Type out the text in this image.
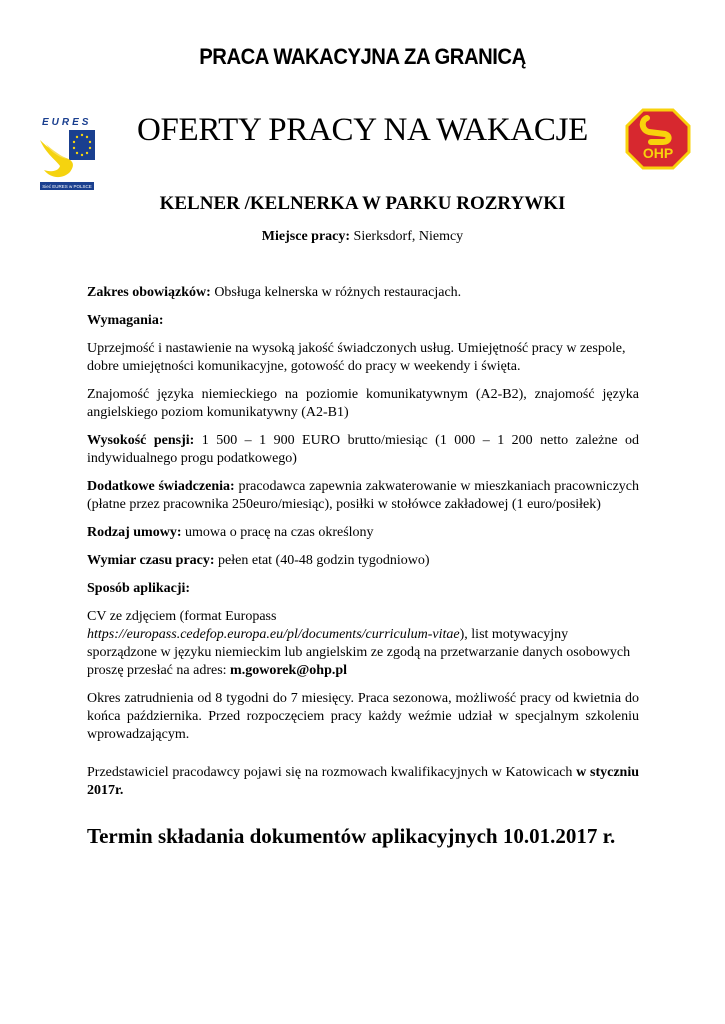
PRACA WAKACYJNA ZA GRANICĄ
EURES
Sieć EURES w POLSCE
OFERTY PRACY NA WAKACJE
OHP
KELNER /KELNERKA W PARKU ROZRYWKI
Miejsce pracy: Sierksdorf, Niemcy

Zakres obowiązków: Obsługa kelnerska w różnych restauracjach.

Wymagania:

Uprzejmość i nastawienie na wysoką jakość świadczonych usług. Umiejętność pracy w zespole, dobre umiejętności komunikacyjne, gotowość do pracy w weekendy i święta.

Znajomość języka niemieckiego na poziomie komunikatywnym (A2-B2), znajomość języka angielskiego poziom komunikatywny (A2-B1)

Wysokość pensji: 1 500 – 1 900 EURO brutto/miesiąc (1 000 – 1 200 netto zależne od indywidualnego progu podatkowego)

Dodatkowe świadczenia: pracodawca zapewnia zakwaterowanie w mieszkaniach pracowniczych (płatne przez pracownika 250euro/miesiąc), posiłki w stołówce zakładowej (1 euro/posiłek)

Rodzaj umowy: umowa o pracę na czas określony

Wymiar czasu pracy: pełen etat (40-48 godzin tygodniowo)

Sposób aplikacji:

CV ze zdjęciem (format Europass
https://europass.cedefop.europa.eu/pl/documents/curriculum-vitae), list motywacyjny sporządzone w języku niemieckim lub angielskim ze zgodą na przetwarzanie danych osobowych proszę przesłać na adres: m.goworek@ohp.pl

Okres zatrudnienia od 8 tygodni do 7 miesięcy. Praca sezonowa, możliwość pracy od kwietnia do końca października. Przed rozpoczęciem pracy każdy weźmie udział w specjalnym szkoleniu wprowadzającym.

Przedstawiciel pracodawcy pojawi się na rozmowach kwalifikacyjnych w Katowicach w styczniu 2017r.

Termin składania dokumentów aplikacyjnych 10.01.2017 r.
